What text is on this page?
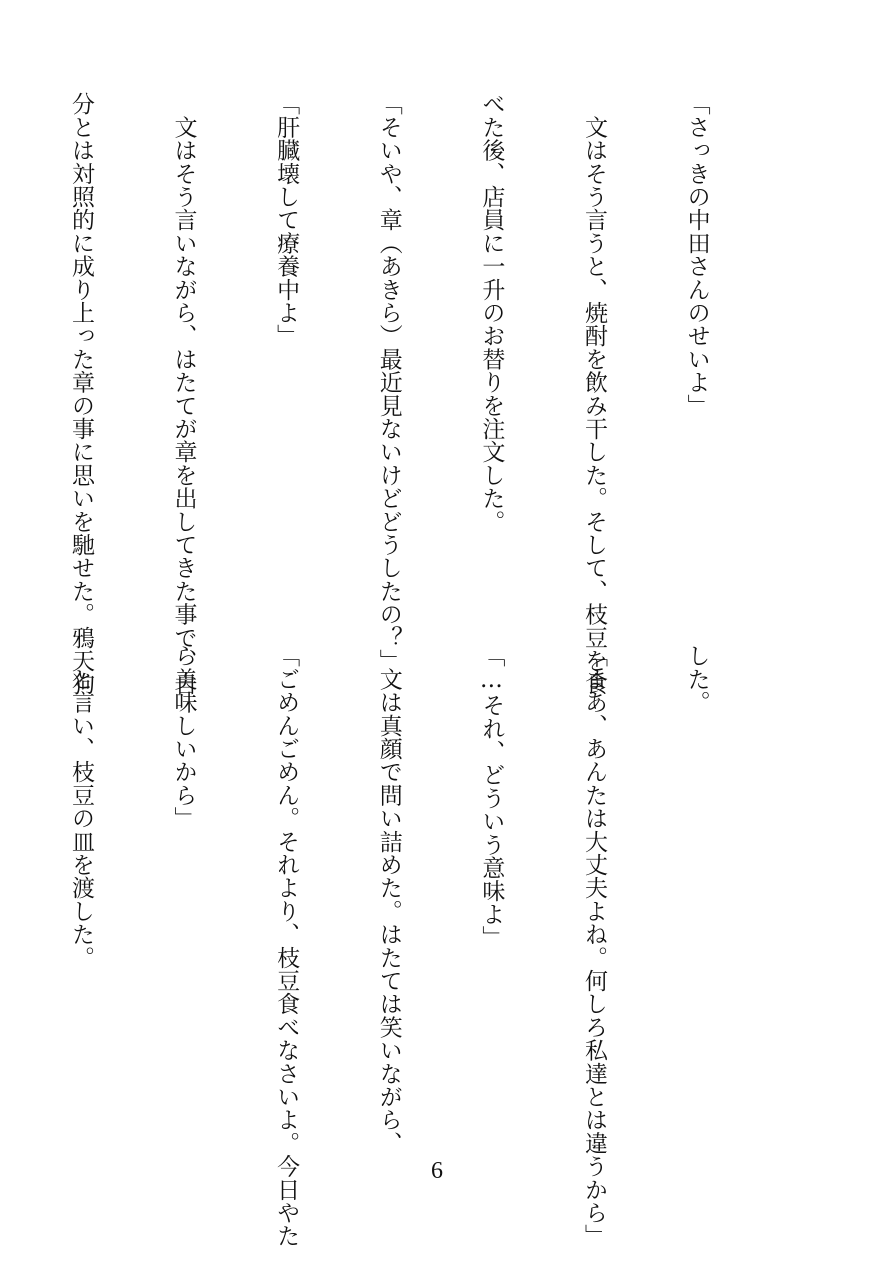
「さっきの中田さんのせいよ」

　文はそう言うと、焼酎を飲み干した。そして、枝豆を食

べた後、店員に一升のお替りを注文した。

「そいや、章（あきら）最近見ないけどどうしたの？」

「肝臓壊して療養中よ」

　文はそう言いながら、はたてが章を出してきた事で、自

分とは対照的に成り上った章の事に思いを馳せた。鴉天狗

	した。

「まあ、あんたは大丈夫よね。何しろ私達とは違うから」

「…それ、どういう意味よ」

　文は真顔で問い詰めた。はたては笑いながら、

「ごめんごめん。それより、枝豆食べなさいよ。今日やた

ら美味しいから」

　と言い、枝豆の皿を渡した。

6
